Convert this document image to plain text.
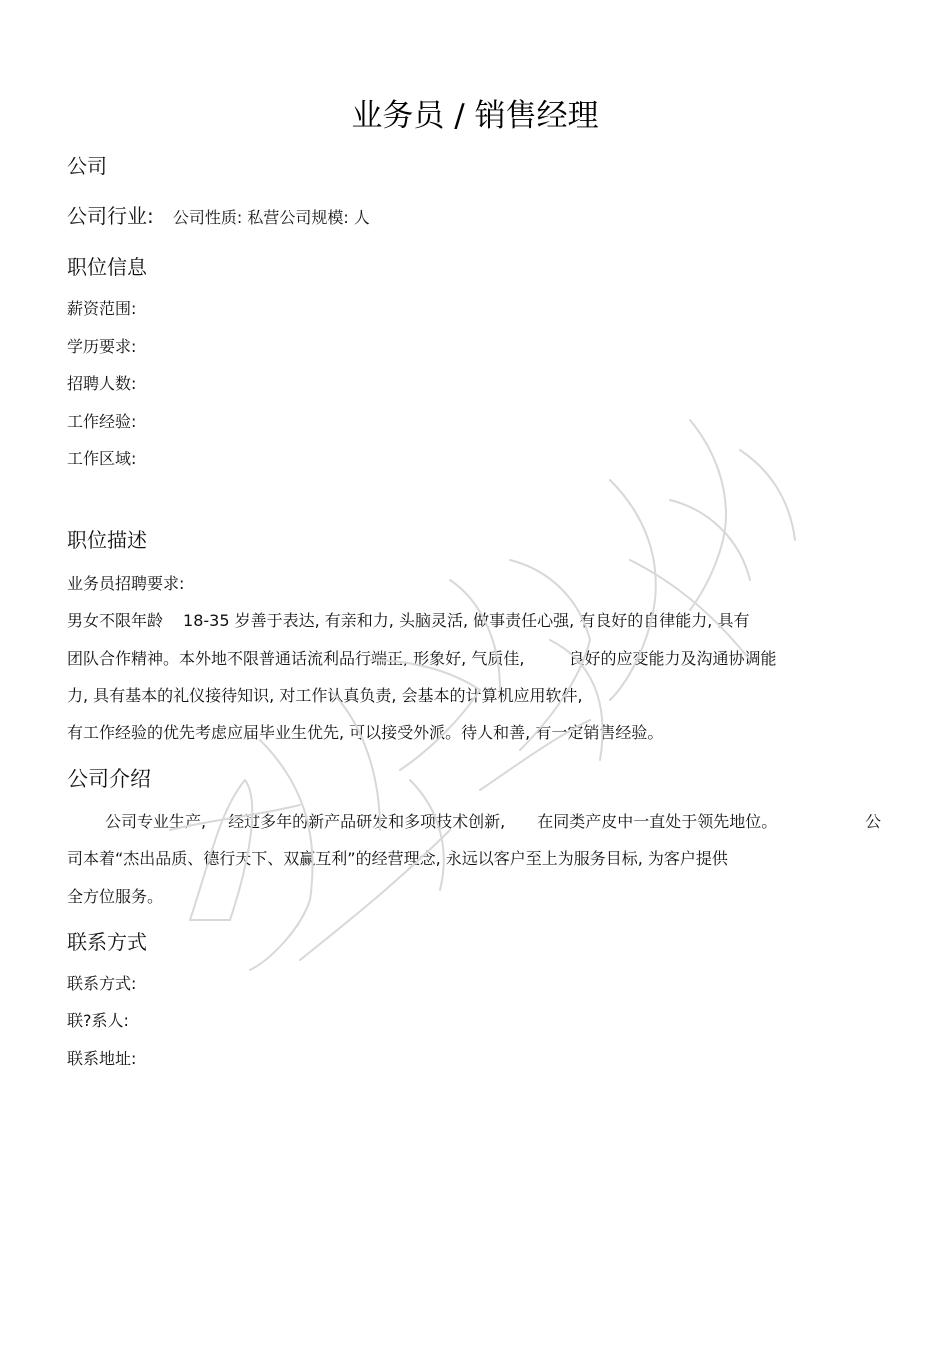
业务员 / 销售经理
公司
公司行业: 公司性质: 私营公司规模: 人
职位信息
薪资范围:
学历要求:
招聘人数:
工作经验:
工作区域:
职位描述
业务员招聘要求:
男女不限年龄 18-35 岁善于表达, 有亲和力, 头脑灵活, 做事责任心强, 有良好的自律能力, 具有
团队合作精神。本外地不限普通话流利品行端正, 形象好, 气质佳,	良好的应变能力及沟通协调能
力, 具有基本的礼仪接待知识, 对工作认真负责, 会基本的计算机应用软件,
有工作经验的优先考虑应届毕业生优先, 可以接受外派。待人和善, 有一定销售经验。
公司介绍
公司专业生产, 经过多年的新产品研发和多项技术创新, 在同类产皮中一直处于领先地位。	公
司本着“杰出品质、德行天下、双赢互利”的经营理念, 永远以客户至上为服务目标, 为客户提供
全方位服务。
联系方式
联系方式:
联?系人:
联系地址:
